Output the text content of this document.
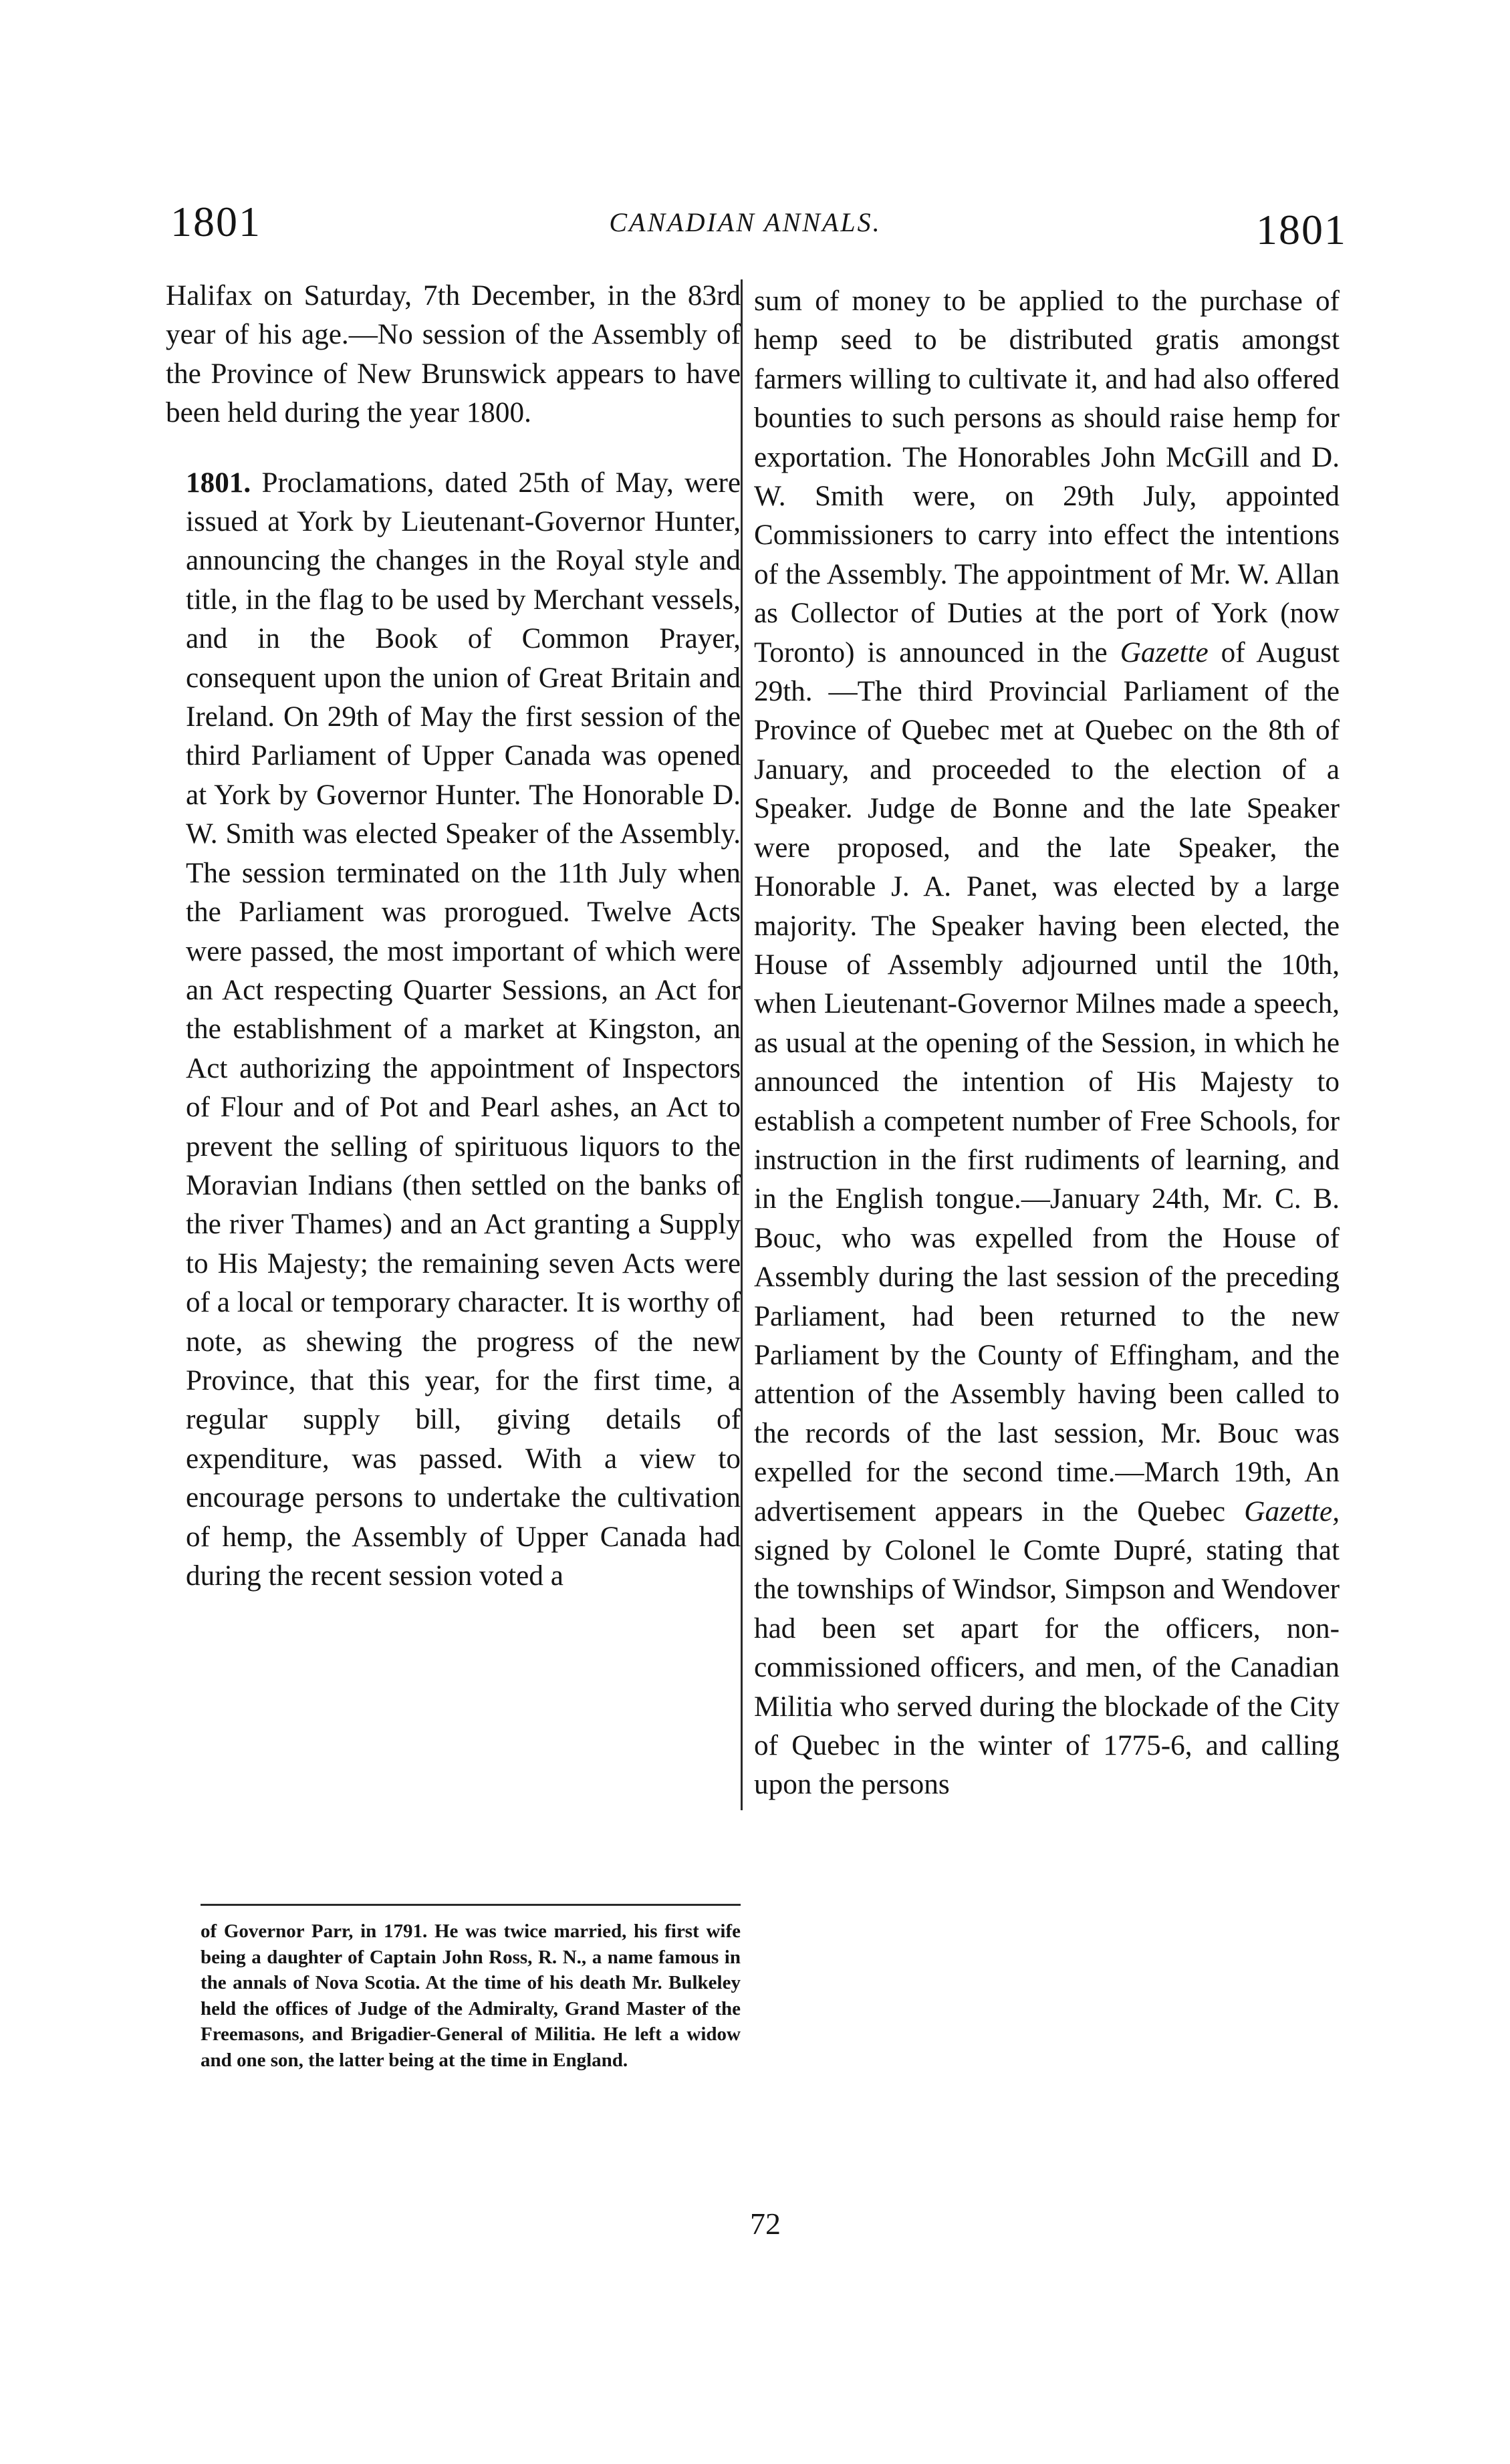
1801	CANADIAN ANNALS.	1801

Halifax on Saturday, 7th December, in the 83rd year of his age.—No session of the Assembly of the Province of New Brunswick appears to have been held during the year 1800.

1801. Proclamations, dated 25th of May, were issued at York by Lieutenant-Governor Hunter, announcing the changes in the Royal style and title, in the flag to be used by Merchant vessels, and in the Book of Common Prayer, consequent upon the union of Great Britain and Ireland. On 29th of May the first session of the third Parliament of Upper Canada was opened at York by Governor Hunter. The Honorable D. W. Smith was elected Speaker of the Assembly. The session terminated on the 11th July when the Parliament was prorogued. Twelve Acts were passed, the most important of which were an Act respecting Quarter Sessions, an Act for the establishment of a market at Kingston, an Act authorizing the appointment of Inspectors of Flour and of Pot and Pearl ashes, an Act to prevent the selling of spirituous liquors to the Moravian Indians (then settled on the banks of the river Thames) and an Act granting a Supply to His Majesty; the remaining seven Acts were of a local or temporary character. It is worthy of note, as shewing the progress of the new Province, that this year, for the first time, a regular supply bill, giving details of expenditure, was passed. With a view to encourage persons to undertake the cultivation of hemp, the Assembly of Upper Canada had during the recent session voted a

sum of money to be applied to the purchase of hemp seed to be distributed gratis amongst farmers willing to cultivate it, and had also offered bounties to such persons as should raise hemp for exportation. The Honorables John McGill and D. W. Smith were, on 29th July, appointed Commissioners to carry into effect the intentions of the Assembly. The appointment of Mr. W. Allan as Collector of Duties at the port of York (now Toronto) is announced in the Gazette of August 29th. —The third Provincial Parliament of the Province of Quebec met at Quebec on the 8th of January, and proceeded to the election of a Speaker. Judge de Bonne and the late Speaker were proposed, and the late Speaker, the Honorable J. A. Panet, was elected by a large majority. The Speaker having been elected, the House of Assembly adjourned until the 10th, when Lieutenant-Governor Milnes made a speech, as usual at the opening of the Session, in which he announced the intention of His Majesty to establish a competent number of Free Schools, for instruction in the first rudiments of learning, and in the English tongue.—January 24th, Mr. C. B. Bouc, who was expelled from the House of Assembly during the last session of the preceding Parliament, had been returned to the new Parliament by the County of Effingham, and the attention of the Assembly having been called to the records of the last session, Mr. Bouc was expelled for the second time.—March 19th, An advertisement appears in the Quebec Gazette, signed by Colonel le Comte Dupré, stating that the townships of Windsor, Simpson and Wendover had been set apart for the officers, non-commissioned officers, and men, of the Canadian Militia who served during the blockade of the City of Quebec in the winter of 1775-6, and calling upon the persons

of Governor Parr, in 1791. He was twice married, his first wife being a daughter of Captain John Ross, R. N., a name famous in the annals of Nova Scotia. At the time of his death Mr. Bulkeley held the offices of Judge of the Admiralty, Grand Master of the Freemasons, and Brigadier-General of Militia. He left a widow and one son, the latter being at the time in England.
72
